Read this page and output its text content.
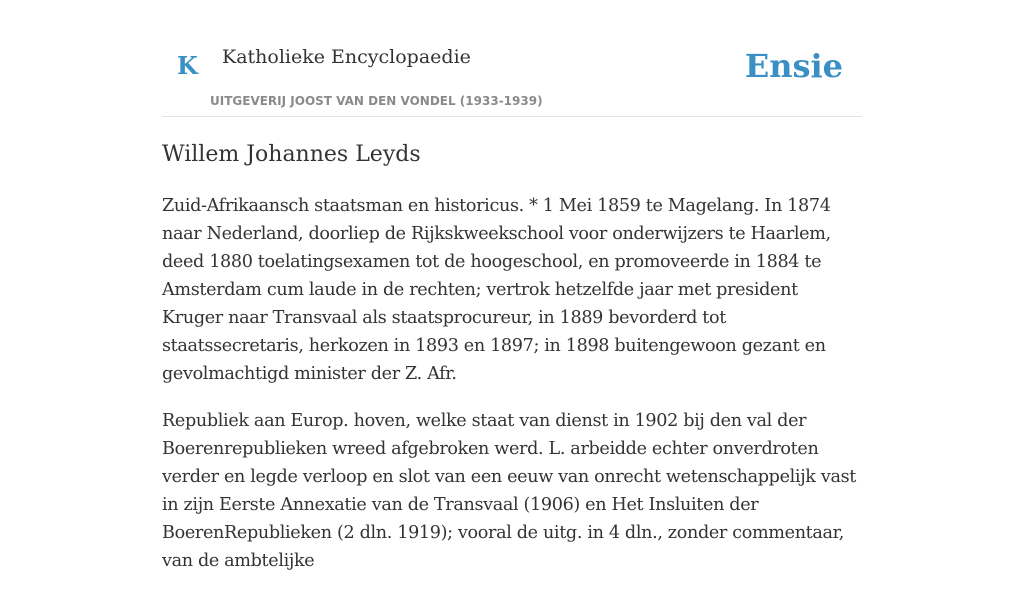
K Katholieke Encyclopaedie
UITGEVERIJ JOOST VAN DEN VONDEL (1933-1939)
Ensie
Willem Johannes Leyds

Zuid-Afrikaansch staatsman en historicus. * 1 Mei 1859 te Magelang. In 1874 naar Nederland, doorliep de Rijkskweekschool voor onderwijzers te Haarlem, deed 1880 toelatingsexamen tot de hoogeschool, en promoveerde in 1884 te Amsterdam cum laude in de rechten; vertrok hetzelfde jaar met president Kruger naar Transvaal als staatsprocureur, in 1889 bevorderd tot staatssecretaris, herkozen in 1893 en 1897; in 1898 buitengewoon gezant en gevolmachtigd minister der Z. Afr.

Republiek aan Europ. hoven, welke staat van dienst in 1902 bij den val der Boerenrepublieken wreed afgebroken werd. L. arbeidde echter onverdroten verder en legde verloop en slot van een eeuw van onrecht wetenschappelijk vast in zijn Eerste Annexatie van de Transvaal (1906) en Het Insluiten der BoerenRepublieken (2 dln. 1919); vooral de uitg. in 4 dln., zonder commentaar, van de ambtelijke
